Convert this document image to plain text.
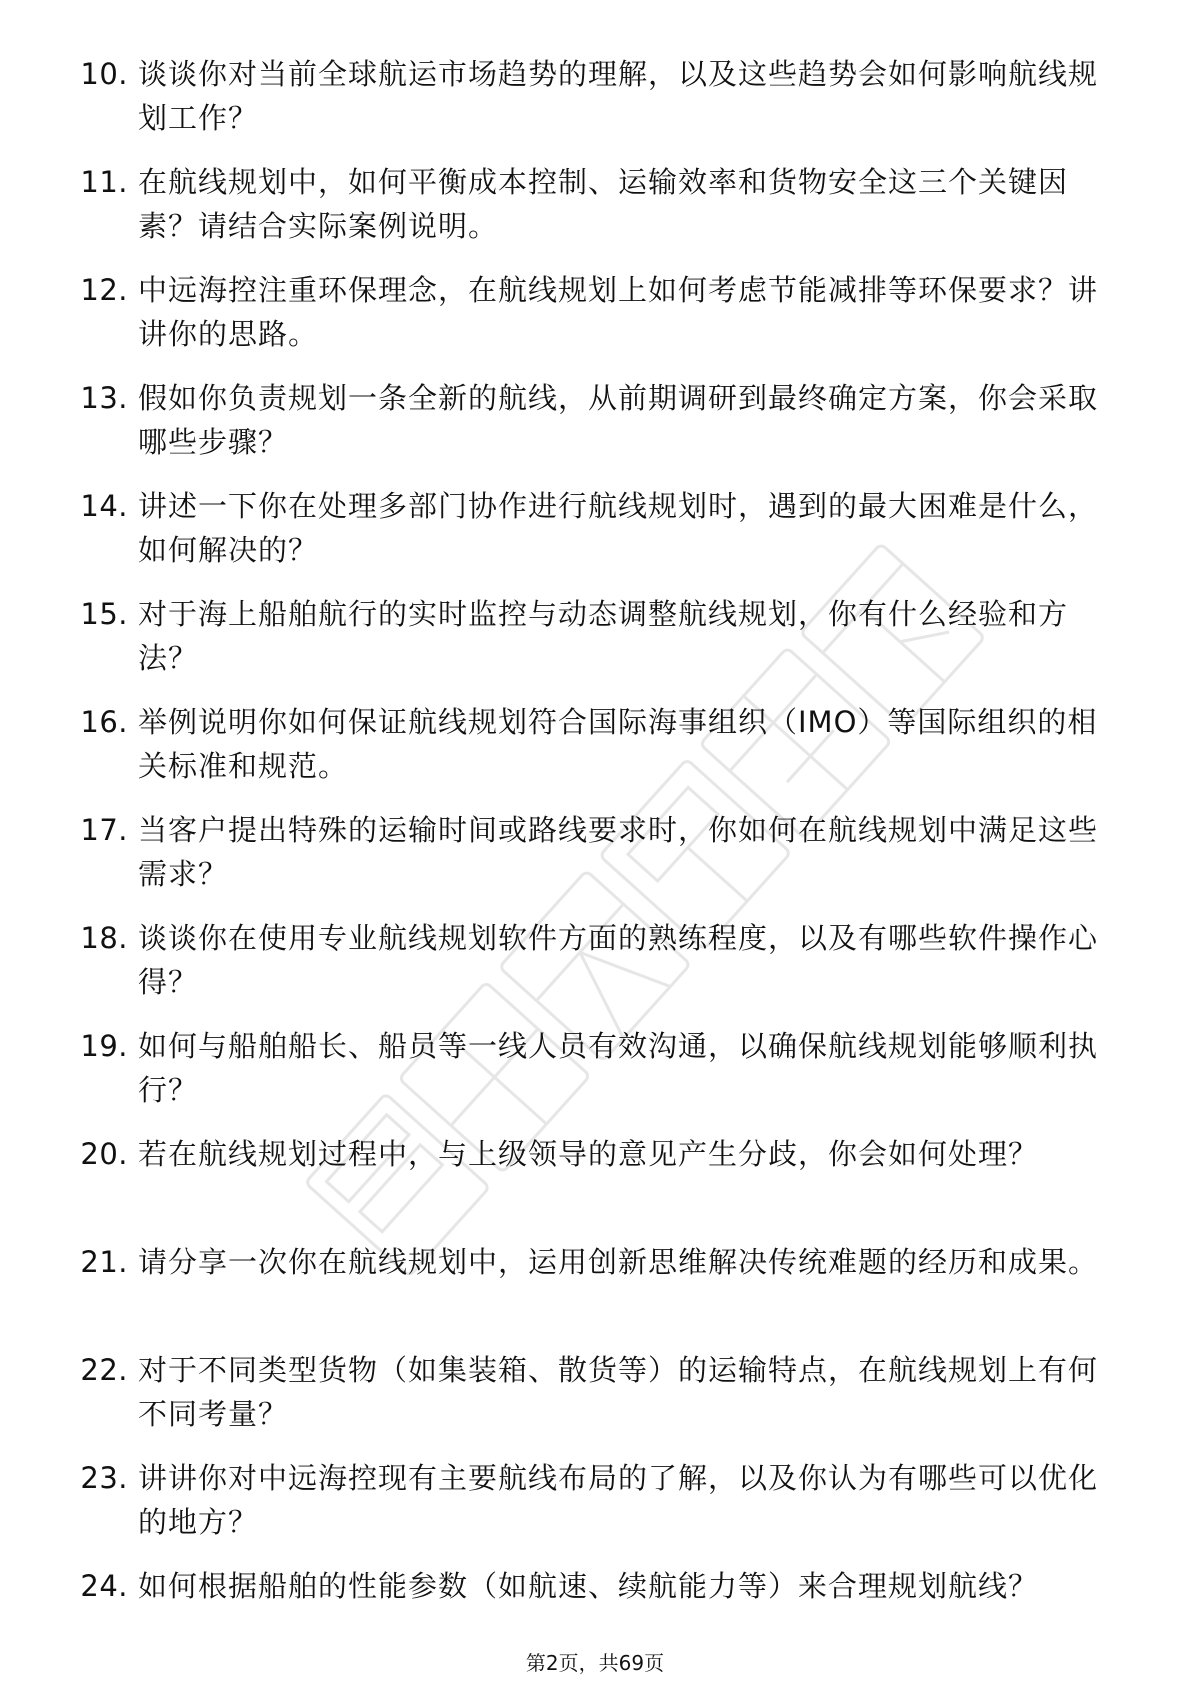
10. 谈谈你对当前全球航运市场趋势的理解，以及这些趋势会如何影响航线规划工作？
11. 在航线规划中，如何平衡成本控制、运输效率和货物安全这三个关键因素？请结合实际案例说明。
12. 中远海控注重环保理念，在航线规划上如何考虑节能减排等环保要求？讲讲你的思路。
13. 假如你负责规划一条全新的航线，从前期调研到最终确定方案，你会采取哪些步骤？
14. 讲述一下你在处理多部门协作进行航线规划时，遇到的最大困难是什么，如何解决的？
15. 对于海上船舶航行的实时监控与动态调整航线规划，你有什么经验和方法？
16. 举例说明你如何保证航线规划符合国际海事组织（IMO）等国际组织的相关标准和规范。
17. 当客户提出特殊的运输时间或路线要求时，你如何在航线规划中满足这些需求？
18. 谈谈你在使用专业航线规划软件方面的熟练程度，以及有哪些软件操作心得？
19. 如何与船舶船长、船员等一线人员有效沟通，以确保航线规划能够顺利执行？
20. 若在航线规划过程中，与上级领导的意见产生分歧，你会如何处理？
21. 请分享一次你在航线规划中，运用创新思维解决传统难题的经历和成果。
22. 对于不同类型货物（如集装箱、散货等）的运输特点，在航线规划上有何不同考量？
23. 讲讲你对中远海控现有主要航线布局的了解，以及你认为有哪些可以优化的地方？
24. 如何根据船舶的性能参数（如航速、续航能力等）来合理规划航线？
第2页，共69页
